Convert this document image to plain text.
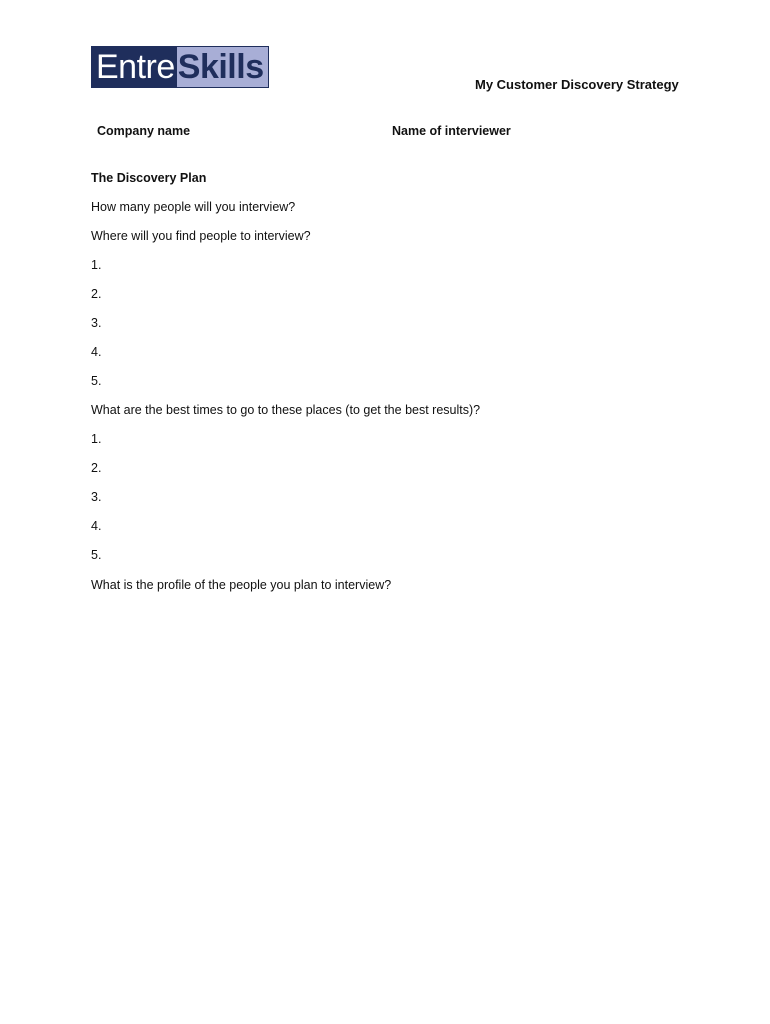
Entre Skills	My Customer Discovery Strategy
Company name	Name of interviewer
The Discovery Plan
How many people will you interview?
Where will you find people to interview?
1.
2.
3.
4.
5.
What are the best times to go to these places (to get the best results)?
1.
2.
3.
4.
5.
What is the profile of the people you plan to interview?
